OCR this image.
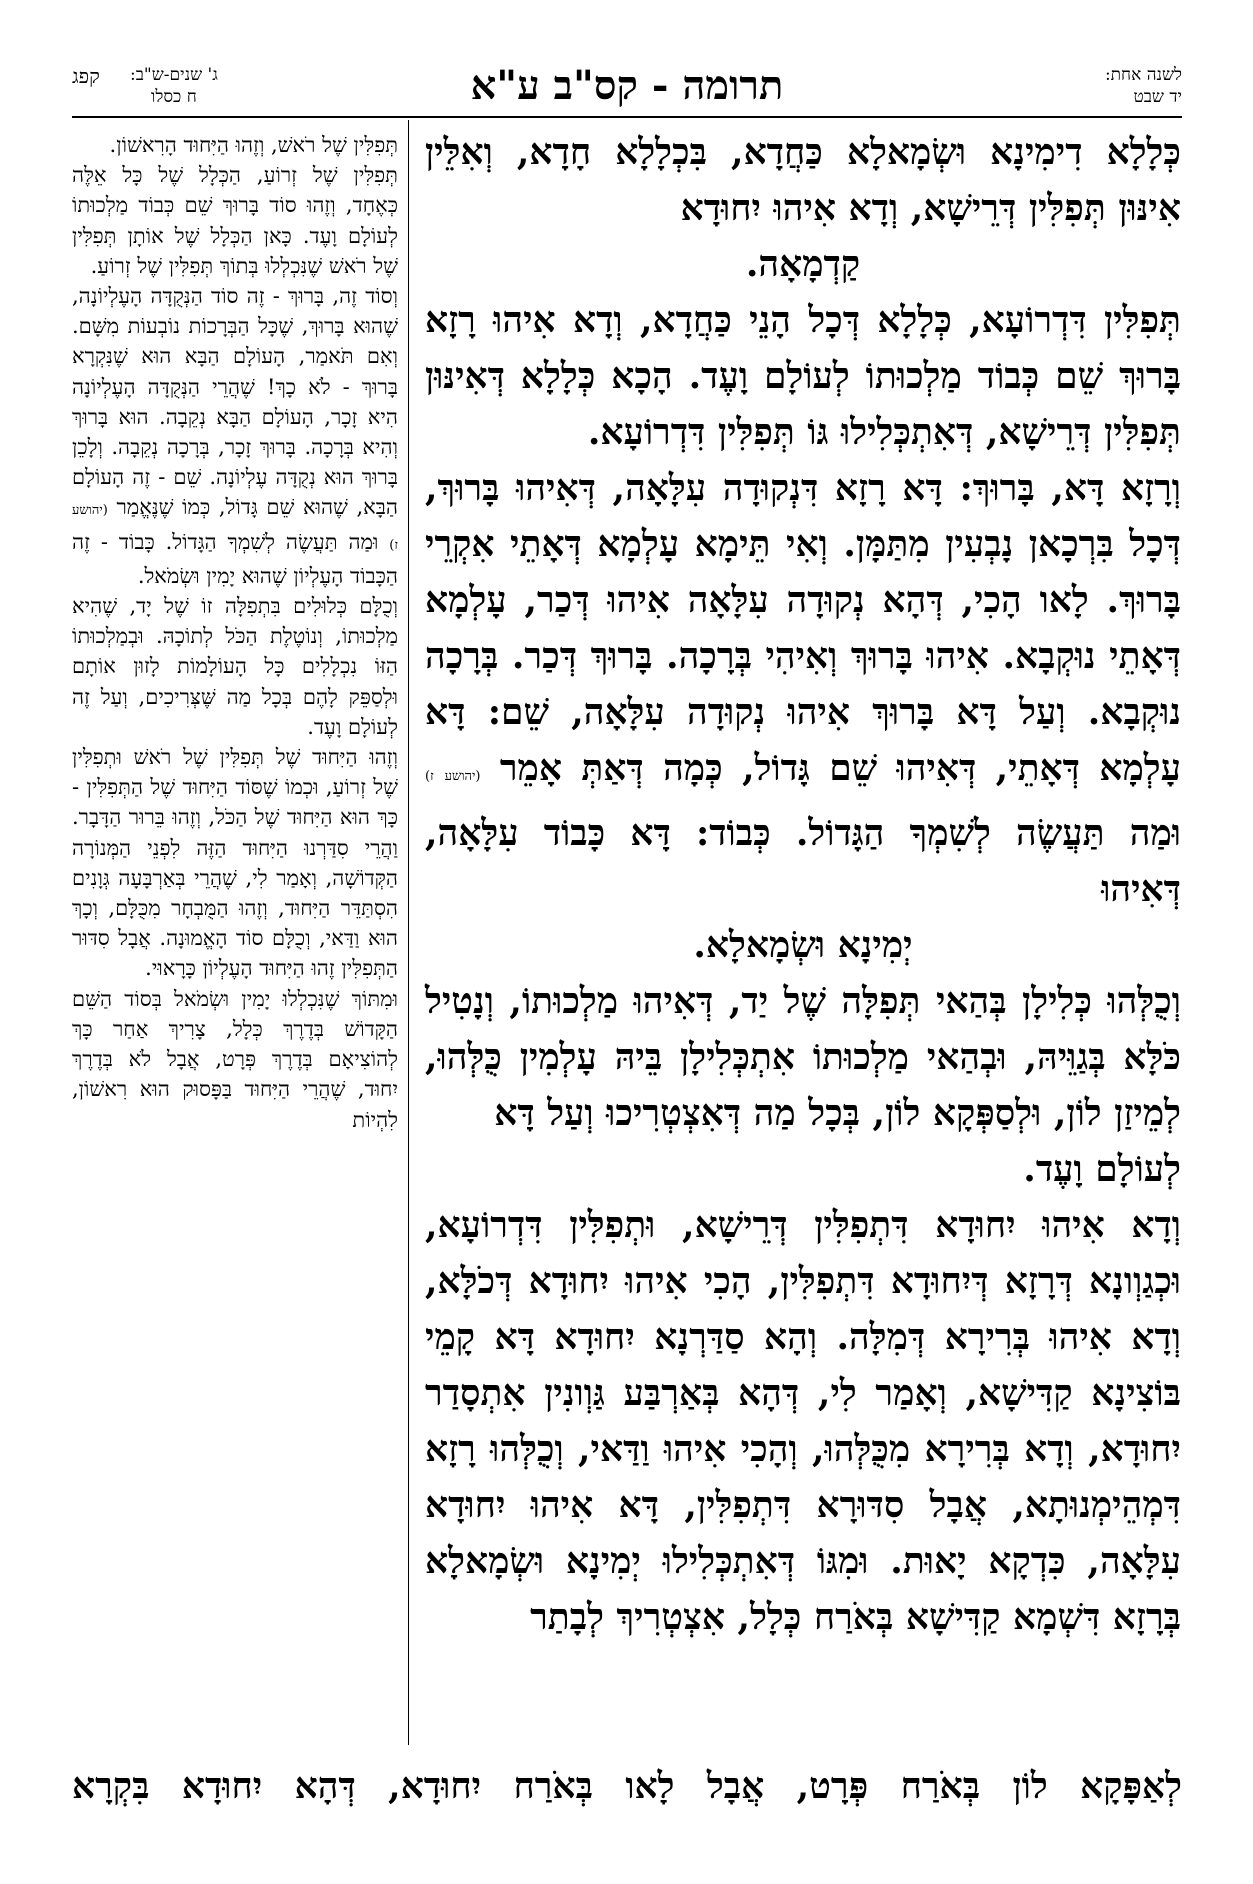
לשנה אחת:
יד שבט
תרומה - קס"ב ע"א
ג' שנים-ש"ב:
ח כסלו
קפג

כְּלָלָא דִימִינָא וּשְׂמָאלָא כַּחֲדָא, בִּכְלָלָא חָדָא, וְאִלֵּין אִינּוּן תְּפִלִּין דְּרֵישָׁא, וְדָא אִיהוּ יִחוּדָא

קַדְמָאָה.

תְּפִלִּין דִּדְרוֹעָא, כְּלָלָא דְּכָל הָנֵי כַּחֲדָא, וְדָא אִיהוּ רָזָא בָּרוּךְ שֵׁם כְּבוֹד מַלְכוּתוֹ לְעוֹלָם וָעֶד. הָכָא כְּלָלָא דְּאִינּוּן תְּפִלִּין דְּרֵישָׁא, דְּאִתְכְּלִילוּ גּוֹ תְּפִלִּין דִּדְרוֹעָא.

וְרָזָא דָּא, בָּרוּךְ: דָּא רָזָא דִּנְקוּדָה עִלָּאָה, דְּאִיהוּ בָּרוּךְ, דְּכָל בִּרְכָאן נָבְעִין מִתַּמָּן. וְאִי תֵּימָא עָלְמָא דְּאָתֵי אִקְרֵי בָּרוּךְ. לָאו הָכִי, דְּהָא נְקוּדָה עִלָּאָה אִיהוּ דְּכַר, עָלְמָא דְּאָתֵי נוּקְבָא. אִיהוּ בָּרוּךְ וְאִיהִי בְּרָכָה. בָּרוּךְ דְּכַר. בְּרָכָה נוּקְבָא. וְעַל דָּא בָּרוּךְ אִיהוּ נְקוּדָה עִלָּאָה, שֵׁם: דָּא עָלְמָא דְּאָתֵי, דְּאִיהוּ שֵׁם גָּדוֹל, כְּמָה דְּאַתְּ אָמֵר (יהושע ז) וּמַה תַּעֲשֶׂה לְשִׁמְךָ הַגָּדוֹל. כְּבוֹד: דָּא כָּבוֹד עִלָּאָה, דְּאִיהוּ

יְמִינָא וּשְׂמָאלָא.

וְכֻלְּהוּ כְּלִילָן בְּהַאי תְּפִלָּה שֶׁל יַד, דְּאִיהוּ מַלְכוּתוֹ, וְנָטִיל כֹּלָּא בְּגַוֵּיהּ, וּבְהַאי מַלְכוּתוֹ אִתְכְּלִילָן בֵּיהּ עָלְמִין כֻּלְּהוּ, לְמֵיזַן לוֹן, וּלְסַפְּקָא לוֹן, בְּכָל מַה דְּאִצְטְרִיכוּ וְעַל דָּא

לְעוֹלָם וָעֶד.

וְדָא אִיהוּ יִחוּדָא דִּתְפִלִּין דְּרֵישָׁא, וּתְפִלִּין דִּדְרוֹעָא, וּכְגַוְונָא דְּרָזָא דְּיִחוּדָא דִּתְפִלִּין, הָכִי אִיהוּ יִחוּדָא דְּכֹלָּא, וְדָא אִיהוּ בְּרִירָא דְּמִלָּה. וְהָא סַדַּרְנָא יִחוּדָא דָּא קָמֵי בּוֹצִינָא קַדִּישָׁא, וְאָמַר לִי, דְּהָא בְּאַרְבַּע גַּוְונִין אִתְסָדַר יִחוּדָא, וְדָא בְּרִירָא מִכֻּלְּהוּ, וְהָכִי אִיהוּ וַדַּאי, וְכֻלְּהוּ רָזָא דִּמְהֵימְנוּתָא, אֲבָל סִדּוּרָא דִּתְפִלִּין, דָּא אִיהוּ יִחוּדָא עִלָּאָה, כִּדְקָא יָאוּת. וּמִגּוֹ דְּאִתְכְּלִילוּ יְמִינָא וּשְׂמָאלָא בְּרָזָא דִּשְׁמָא קַדִּישָׁא בְּאֹרַח כְּלָל, אִצְטְרִיךְ לְבָתַר

תְּפִלִּין שֶׁל רֹאשׁ, וְזֶהוּ הַיִּחוּד הָרִאשׁוֹן.

תְּפִלִּין שֶׁל זְרוֹעַ, הַכְּלָל שֶׁל כָּל אֵלֶּה כְּאֶחָד, וְזֶהוּ סוֹד בָּרוּךְ שֵׁם כְּבוֹד מַלְכוּתוֹ לְעוֹלָם וָעֶד. כָּאן הַכְּלָל שֶׁל אוֹתָן תְּפִלִּין שֶׁל רֹאשׁ שֶׁנִּכְלְלוּ בְּתוֹךְ תְּפִלִּין שֶׁל זְרוֹעַ.

וְסוֹד זֶה, בָּרוּךְ - זֶה סוֹד הַנְּקֻדָּה הָעֶלְיוֹנָה, שֶׁהוּא בָּרוּךְ, שֶׁכָּל הַבְּרָכוֹת נוֹבְעוֹת מִשָּׁם. וְאִם תֹּאמַר, הָעוֹלָם הַבָּא הוּא שֶׁנִּקְרָא בָּרוּךְ - לֹא כָךְ! שֶׁהֲרֵי הַנְּקֻדָּה הָעֶלְיוֹנָה הִיא זָכָר, הָעוֹלָם הַבָּא נְקֵבָה. הוּא בָּרוּךְ וְהִיא בְּרָכָה. בָּרוּךְ זָכָר, בְּרָכָה נְקֵבָה. וְלָכֵן בָּרוּךְ הוּא נְקֻדָּה עֶלְיוֹנָה. שֵׁם - זֶה הָעוֹלָם הַבָּא, שֶׁהוּא שֵׁם גָּדוֹל, כְּמוֹ שֶׁנֶּאֱמַר (יהושע ז) וּמַה תַּעֲשֶׂה לְשִׁמְךָ הַגָּדוֹל. כָּבוֹד - זֶה הַכָּבוֹד הָעֶלְיוֹן שֶׁהוּא יָמִין וּשְׂמֹאל.

וְכֻלָּם כְּלוּלִים בִּתְפִלָּה זוֹ שֶׁל יָד, שֶׁהִיא מַלְכוּתוֹ, וְנוֹטֶלֶת הַכֹּל לְתוֹכָהּ. וּבְמַלְכוּתוֹ הַזּוֹ נִכְלָלִים כָּל הָעוֹלָמוֹת לָזוּן אוֹתָם וּלְסַפֵּק לָהֶם בְּכָל מַה שֶּׁצְּרִיכִים, וְעַל זֶה לְעוֹלָם וָעֶד.

וְזֶהוּ הַיִּחוּד שֶׁל תְּפִלִּין שֶׁל רֹאשׁ וּתְפִלִּין שֶׁל זְרוֹעַ, וּכְמוֹ שֶׁסּוֹד הַיִּחוּד שֶׁל הַתְּפִלִּין - כָּךְ הוּא הַיִּחוּד שֶׁל הַכֹּל, וְזֶהוּ בֵּרוּר הַדָּבָר. וַהֲרֵי סִדַּרְנוּ הַיִּחוּד הַזֶּה לִפְנֵי הַמְּנוֹרָה הַקְּדוֹשָׁה, וְאָמַר לִי, שֶׁהֲרֵי בְּאַרְבָּעָה גְּוָנִים הִסְתַּדֵּר הַיִּחוּד, וְזֶהוּ הַמֻּבְחָר מִכֻּלָּם, וְכָךְ הוּא וַדַּאי, וְכֻלָּם סוֹד הָאֱמוּנָה. אֲבָל סִדּוּר הַתְּפִלִּין זֶהוּ הַיִּחוּד הָעֶלְיוֹן כָּרָאוּי.

וּמִתּוֹךְ שֶׁנִּכְלְלוּ יָמִין וּשְׂמֹאל בְּסוֹד הַשֵּׁם הַקָּדוֹשׁ בְּדֶרֶךְ כְּלָל, צָרִיךְ אַחַר כָּךְ לְהוֹצִיאָם בְּדֶרֶךְ פְּרָט, אֲבָל לֹא בְּדֶרֶךְ יִחוּד, שֶׁהֲרֵי הַיִּחוּד בַּפָּסוּק הוּא רִאשׁוֹן, לִהְיוֹת

לְאַפָּקָא לוֹן בְּאֹרַח פְּרָט, אֲבָל לָאו בְּאֹרַח יִחוּדָא, דְּהָא יִחוּדָא בִּקְרָא
